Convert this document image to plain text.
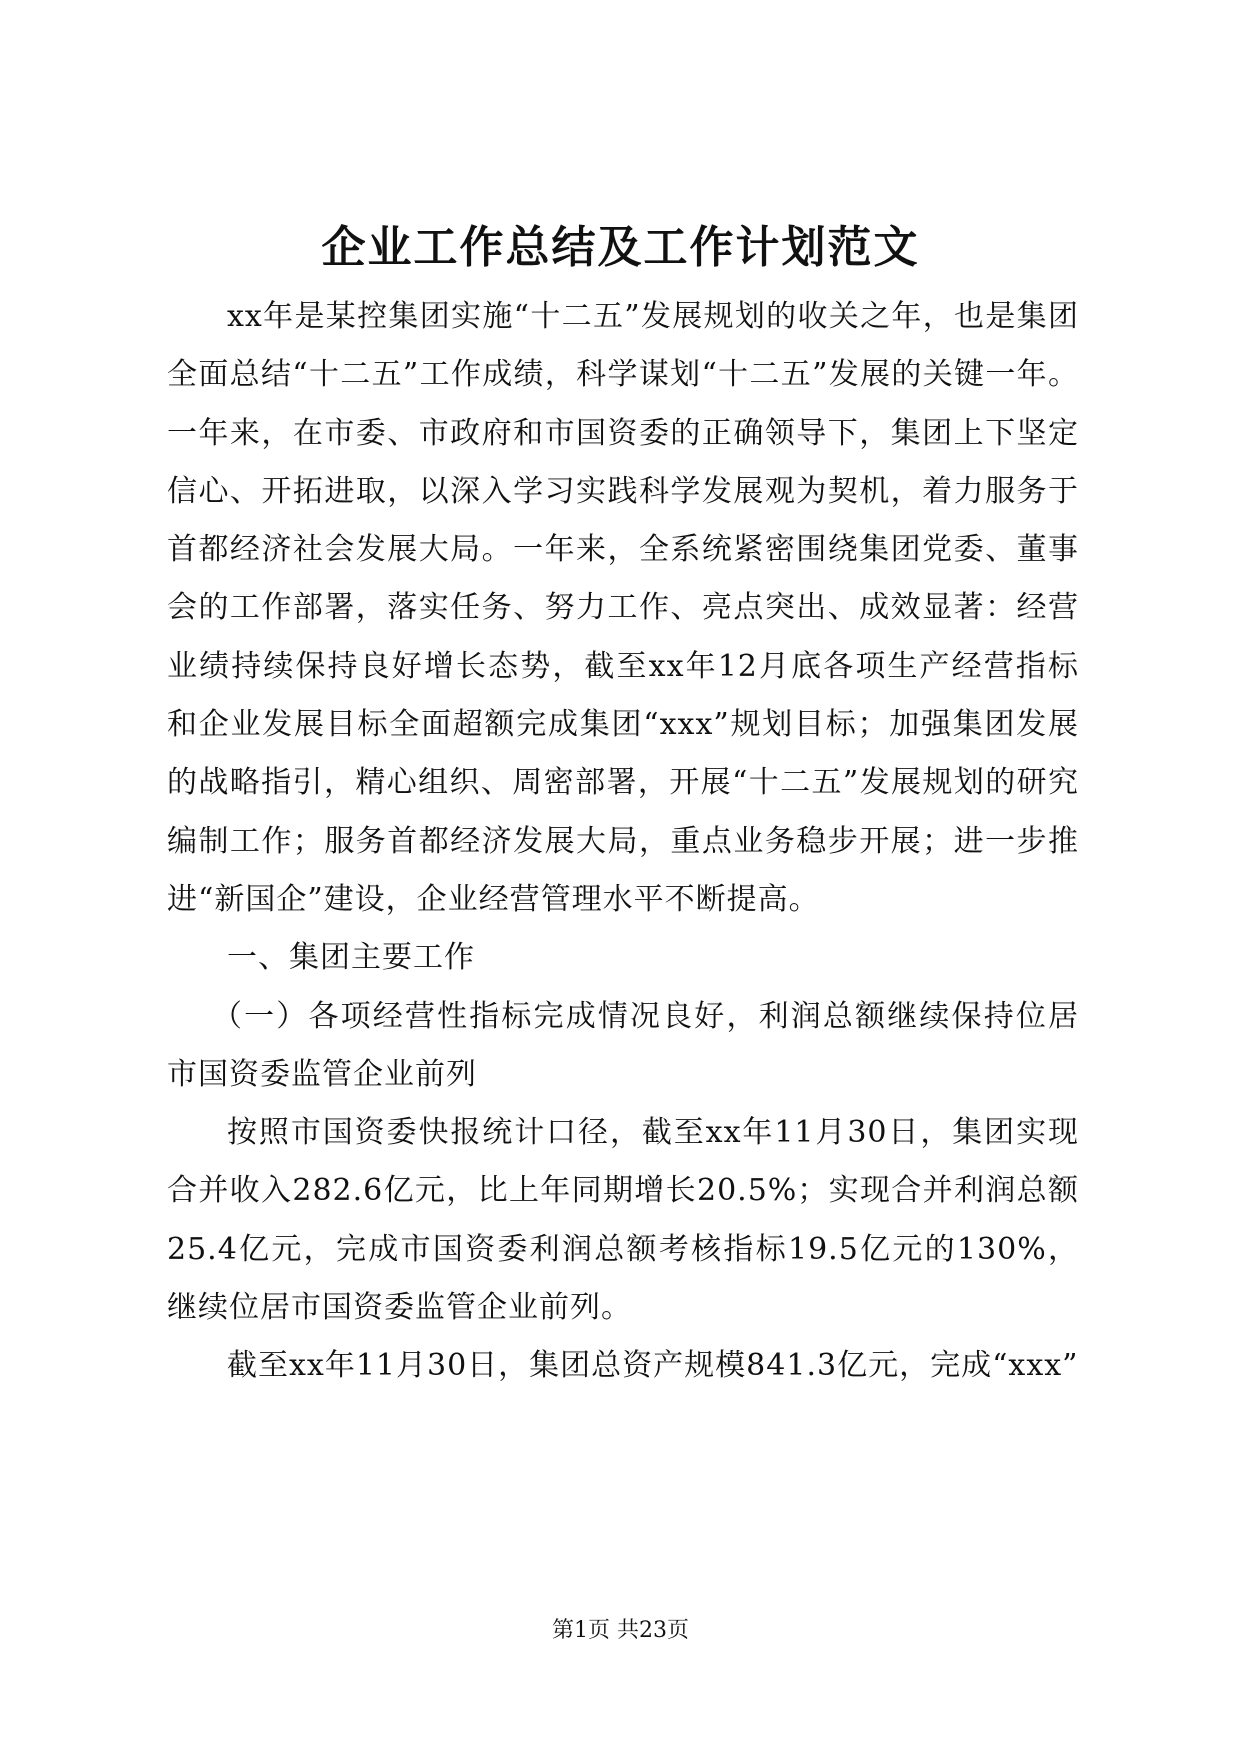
企业工作总结及工作计划范文

xx年是某控集团实施“十二五”发展规划的收关之年，也是集团全面总结“十二五”工作成绩，科学谋划“十二五”发展的关键一年。一年来，在市委、市政府和市国资委的正确领导下，集团上下坚定信心、开拓进取，以深入学习实践科学发展观为契机，着力服务于首都经济社会发展大局。一年来，全系统紧密围绕集团党委、董事会的工作部署，落实任务、努力工作、亮点突出、成效显著：经营业绩持续保持良好增长态势，截至xx年12月底各项生产经营指标和企业发展目标全面超额完成集团“xxx”规划目标；加强集团发展的战略指引，精心组织、周密部署，开展“十二五”发展规划的研究编制工作；服务首都经济发展大局，重点业务稳步开展；进一步推进“新国企”建设，企业经营管理水平不断提高。

一、集团主要工作

（一）各项经营性指标完成情况良好，利润总额继续保持位居市国资委监管企业前列

按照市国资委快报统计口径，截至xx年11月30日，集团实现合并收入282.6亿元，比上年同期增长20.5%；实现合并利润总额25.4亿元，完成市国资委利润总额考核指标19.5亿元的130%，继续位居市国资委监管企业前列。

截至xx年11月30日，集团总资产规模841.3亿元，完成“xxx”

第1页 共23页
